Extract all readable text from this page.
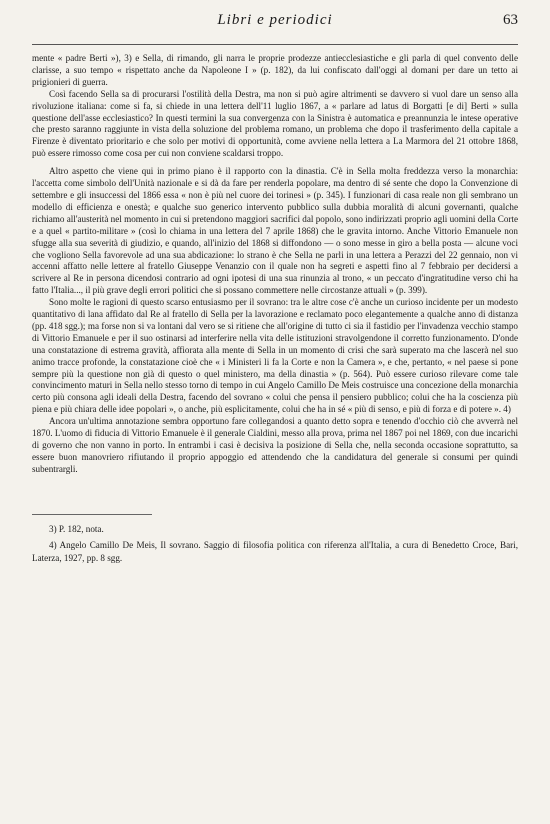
Libri e periodici	63

mente « padre Berti »), 3) e Sella, di rimando, gli narra le proprie prodezze antiecclesiastiche e gli parla di quel convento delle clarisse, a suo tempo « rispettato anche da Napoleone I » (p. 182), da lui confiscato dall'oggi al domani per dare un tetto ai prigionieri di guerra.

Così facendo Sella sa di procurarsi l'ostilità della Destra, ma non si può agire altrimenti se davvero si vuol dare un senso alla rivoluzione italiana: come si fa, si chiede in una lettera dell'11 luglio 1867, a « parlare ad latus di Borgatti [e di] Berti » sulla questione dell'asse ecclesiastico? In questi termini la sua convergenza con la Sinistra è automatica e preannunzia le intese operative che presto saranno raggiunte in vista della soluzione del problema romano, un problema che dopo il trasferimento della capitale a Firenze è diventato prioritario e che solo per motivi di opportunità, come avviene nella lettera a La Marmora del 21 ottobre 1868, può essere rimosso come cosa per cui non conviene scaldarsi troppo.

Altro aspetto che viene qui in primo piano è il rapporto con la dinastia. C'è in Sella molta freddezza verso la monarchia: l'accetta come simbolo dell'Unità nazionale e si dà da fare per renderla popolare, ma dentro di sé sente che dopo la Convenzione di settembre e gli insuccessi del 1866 essa « non è più nel cuore dei torinesi » (p. 345). I funzionari di casa reale non gli sembrano un modello di efficienza e onestà; e qualche suo generico intervento pubblico sulla dubbia moralità di alcuni governanti, qualche richiamo all'austerità nel momento in cui si pretendono maggiori sacrifici dal popolo, sono indirizzati proprio agli uomini della Corte e a quel « partito-militare » (così lo chiama in una lettera del 7 aprile 1868) che le gravita intorno. Anche Vittorio Emanuele non sfugge alla sua severità di giudizio, e quando, all'inizio del 1868 si diffondono — o sono messe in giro a bella posta — alcune voci che vogliono Sella favorevole ad una sua abdicazione: lo strano è che Sella ne parli in una lettera a Perazzi del 22 gennaio, non vi accenni affatto nelle lettere al fratello Giuseppe Venanzio con il quale non ha segreti e aspetti fino al 7 febbraio per decidersi a scrivere al Re in persona dicendosi contrario ad ogni ipotesi di una sua rinunzia al trono, « un peccato d'ingratitudine verso chi ha fatto l'Italia..., il più grave degli errori politici che si possano commettere nelle circostanze attuali » (p. 399).

Sono molte le ragioni di questo scarso entusiasmo per il sovrano: tra le altre cose c'è anche un curioso incidente per un modesto quantitativo di lana affidato dal Re al fratello di Sella per la lavorazione e reclamato poco elegantemente a qualche anno di distanza (pp. 418 sgg.); ma forse non si va lontani dal vero se si ritiene che all'origine di tutto ci sia il fastidio per l'invadenza vecchio stampo di Vittorio Emanuele e per il suo ostinarsi ad interferire nella vita delle istituzioni stravolgendone il corretto funzionamento. D'onde una constatazione di estrema gravità, affiorata alla mente di Sella in un momento di crisi che sarà superato ma che lascerà nel suo animo tracce profonde, la constatazione cioè che « i Ministeri li fa la Corte e non la Camera », e che, pertanto, « nel paese si pone sempre più la questione non già di questo o quel ministero, ma della dinastia » (p. 564). Può essere curioso rilevare come tale convincimento maturi in Sella nello stesso torno di tempo in cui Angelo Camillo De Meis costruisce una concezione della monarchia certo più consona agli ideali della Destra, facendo del sovrano « colui che pensa il pensiero pubblico; colui che ha la coscienza più piena e più chiara delle idee popolari », o anche, più esplicitamente, colui che ha in sé « più di senso, e più di forza e di potere ». 4)

Ancora un'ultima annotazione sembra opportuno fare collegandosi a quanto detto sopra e tenendo d'occhio ciò che avverrà nel 1870. L'uomo di fiducia di Vittorio Emanuele è il generale Cialdini, messo alla prova, prima nel 1867 poi nel 1869, con due incarichi di governo che non vanno in porto. In entrambi i casi è decisiva la posizione di Sella che, nella seconda occasione soprattutto, sa essere buon manovriero rifiutando il proprio appoggio ed attendendo che la candidatura del generale si consumi per quindi subentrargli.

3) P. 182, nota.

4) Angelo Camillo De Meis, Il sovrano. Saggio di filosofia politica con riferenza all'Italia, a cura di Benedetto Croce, Bari, Laterza, 1927, pp. 8 sgg.
